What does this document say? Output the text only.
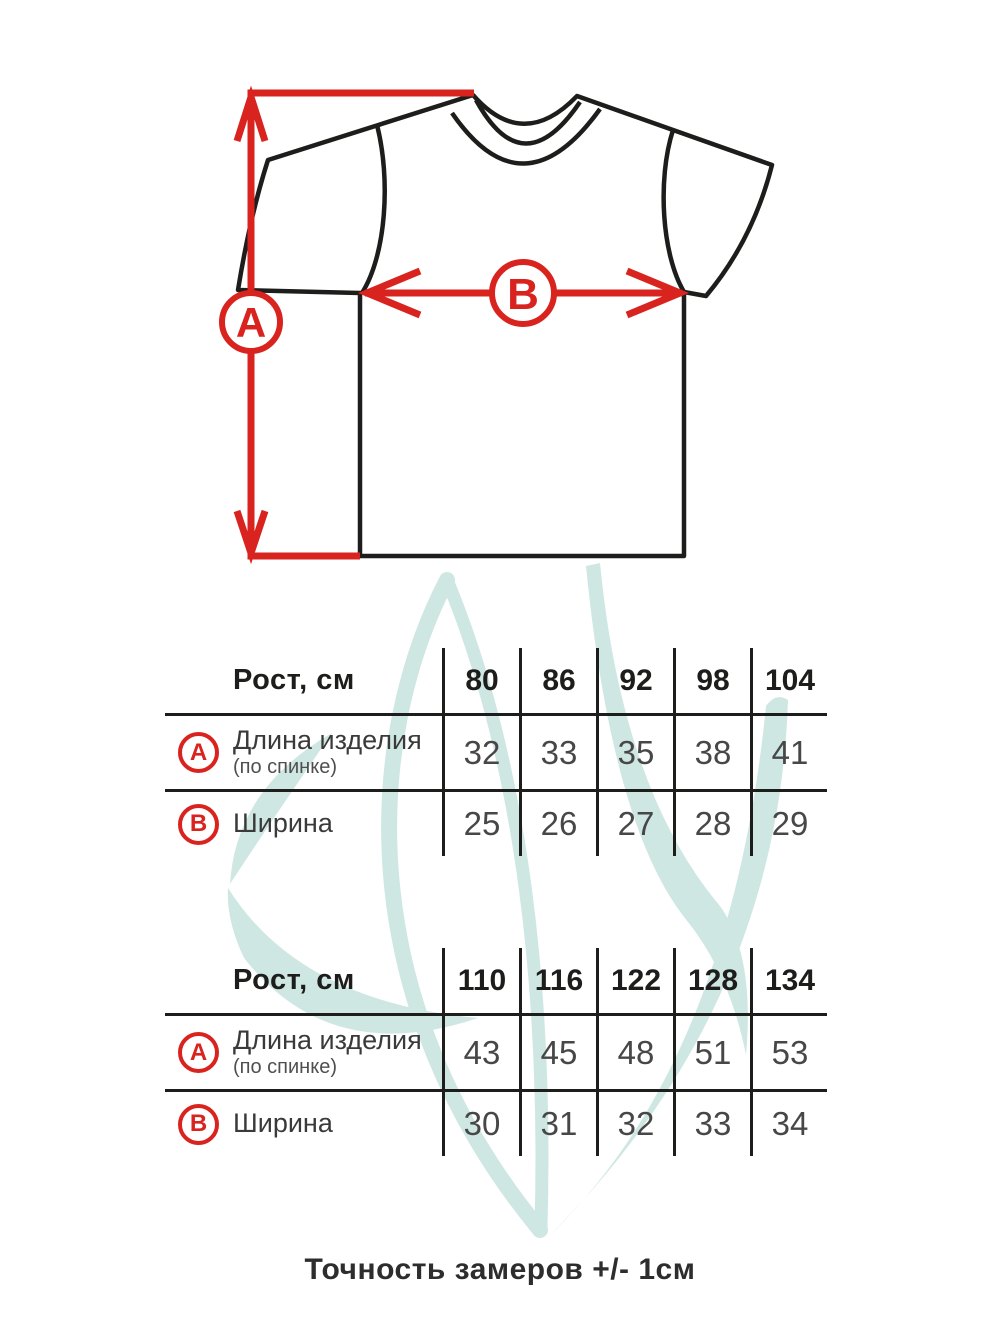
A
B
Рост, см	80 86 92 98 104
A Длина изделия
(по спинке)	32 33 35 38 41
B Ширина	25 26 27 28 29
Рост, см	110 116 122 128 134
A Длина изделия
(по спинке)	43 45 48 51 53
B Ширина	30 31 32 33 34
Точность замеров +/- 1см
